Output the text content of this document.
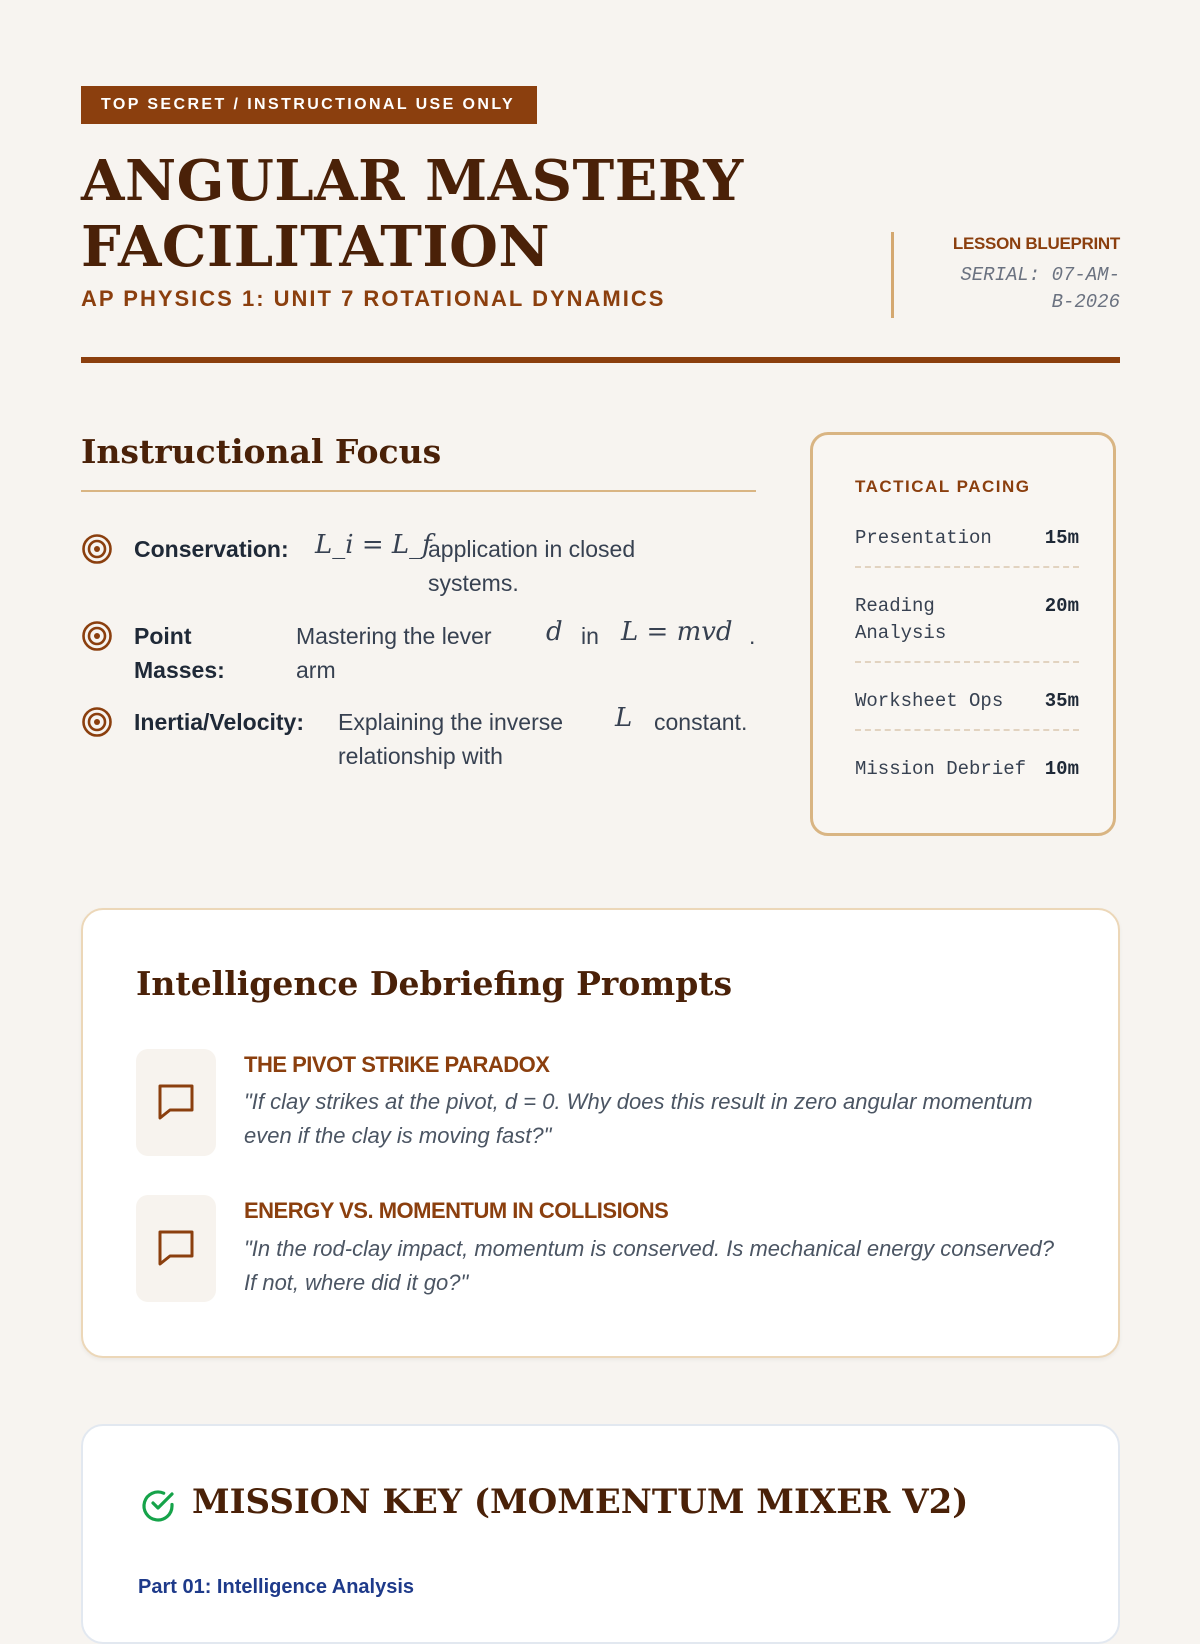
TOP SECRET / INSTRUCTIONAL USE ONLY
ANGULAR MASTERY FACILITATION
AP PHYSICS 1: UNIT 7 ROTATIONAL DYNAMICS
LESSON BLUEPRINT
SERIAL: 07-AM-B-2026
Instructional Focus
Conservation: L_i = L_f
application in closed systems.
Point Masses:
Mastering the lever arm
d in L = mvd .
Inertia/Velocity: Explaining the inverse relationship with
L constant.
TACTICAL PACING
Presentation	15m
Reading Analysis
20m
Worksheet Ops 35m
Mission Debrief 10m
Intelligence Debriefing Prompts
THE PIVOT STRIKE PARADOX
"If clay strikes at the pivot, d = 0. Why does this result in zero angular momentum even if the clay is moving fast?"
ENERGY VS. MOMENTUM IN COLLISIONS
"In the rod-clay impact, momentum is conserved. Is mechanical energy conserved? If not, where did it go?"
MISSION KEY (MOMENTUM MIXER V2)
Part 01: Intelligence Analysis
